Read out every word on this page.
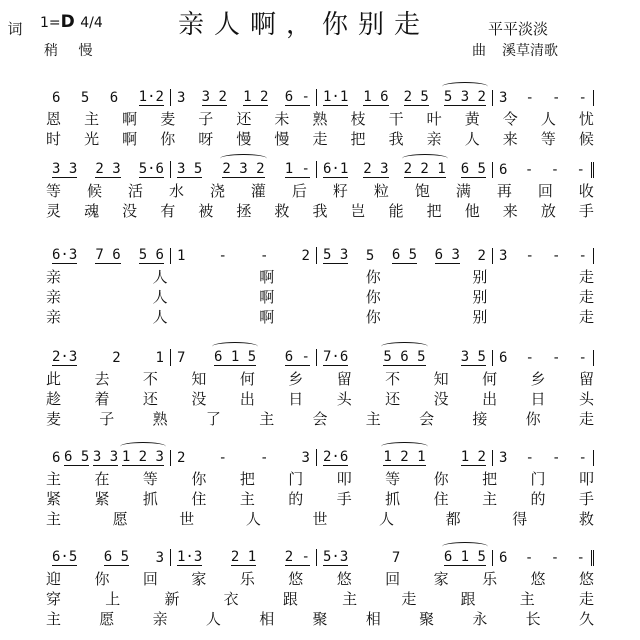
1=D 4/4
稍 慢
亲人啊，你别走
词	平平淡淡
曲 溪草清歌
6 5 6 1·2 3 3 2 1 2 6 - 1·1 1 6 2 5 5 3 2 3 - - -
恩 主 啊 麦 子 还 未 熟 枝 干 叶 黄 令 人 忧
时 光 啊 你 呀 慢 慢 走 把 我 亲 人 来 等 候
3 3 2 3 5·6 3 5 2 3 2 1 - 6·1 2 3 2 2 1 6 5 6 - - -
等 候 活 水 浇 灌 后 籽 粒 饱 满 再 回 收
灵 魂 没 有 被 拯 救 我 岂 能 把 他 来 放 手
6·3 7 6 5 6 1 - - 2 5 3 5 6 5 6 3 2 3 - - -
亲	人	啊	你	别	走
亲	人	啊	你	别	走
亲	人	啊	你	别	走
2·3 2 1 7 6 1 5 6 - 7·6	5 6 5	3 5 6 - - -
此 去 不 知 何 乡 留 不 知 何 乡 留
趁 着 还 没 出 日 头 还 没 出 日 头
麦	子	熟	了	主	会	主	会	接	你	走
6 6 5 3 3 1 2 3 2 - - 3 2·6	1 2 1	1 2 3 - - -
主 在 等 你 把 门 叩 等 你 把 门 叩
紧 紧 抓 住 主 的 手 抓 住 主 的 手
主	愿	世	人	世	人	都	得	救
6·5 6 5 3 1·3 2 1 2 - 5·3	7	6 1 5 6 - - -
迎 你 回 家 乐 悠 悠 回 家 乐 悠 悠
穿	上	新	衣	跟	主	走	跟	主	走
主	愿	亲	人	相	聚	相	聚	永	长	久
